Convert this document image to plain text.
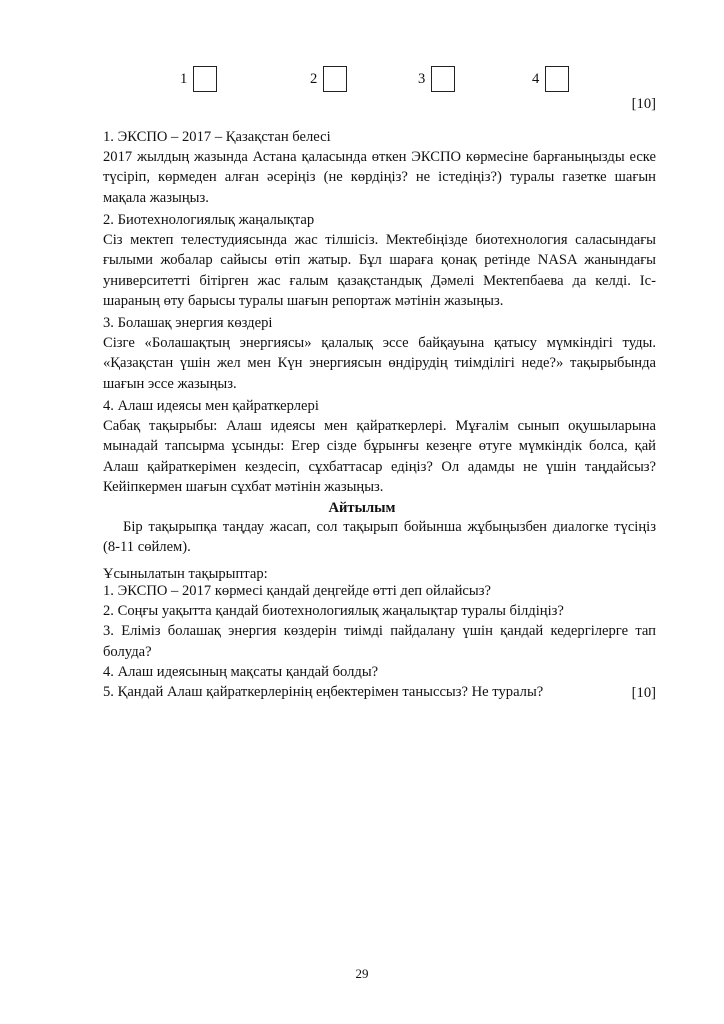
1	2	3	4
[10]
1. ЭКСПО – 2017 – Қазақстан белесі
2017 жылдың жазында Астана қаласында өткен ЭКСПО көрмесіне барғаныңызды еске түсіріп, көрмеден алған әсеріңіз (не көрдіңіз? не істедіңіз?) туралы газетке шағын мақала жазыңыз.
2. Биотехнологиялық жаңалықтар
Сіз мектеп телестудиясында жас тілшісіз. Мектебіңізде биотехнология саласындағы ғылыми жобалар сайысы өтіп жатыр. Бұл шараға қонақ ретінде NASA жанындағы университетті бітірген жас ғалым қазақстандық Дәмелі Мектепбаева да келді. Іс-шараның өту барысы туралы шағын репортаж мәтінін жазыңыз.
3. Болашақ энергия көздері
Сізге «Болашақтың энергиясы» қалалық эссе байқауына қатысу мүмкіндігі туды. «Қазақстан үшін жел мен Күн энергиясын өндірудің тиімділігі неде?» тақырыбында шағын эссе жазыңыз.
4. Алаш идеясы мен қайраткерлері
Сабақ тақырыбы: Алаш идеясы мен қайраткерлері. Мұғалім сынып оқушыларына мынадай тапсырма ұсынды: Егер сізде бұрынғы кезеңге өтуге мүмкіндік болса, қай Алаш қайраткерімен кездесіп, сұхбаттасар едіңіз? Ол адамды не үшін таңдайсыз? Кейіпкермен шағын сұхбат мәтінін жазыңыз.
Айтылым
Бір тақырыпқа таңдау жасап, сол тақырып бойынша жұбыңызбен диалогке түсіңіз (8-11 сөйлем).
Ұсынылатын тақырыптар:
1. ЭКСПО – 2017 көрмесі қандай деңгейде өтті деп ойлайсыз?
2. Соңғы уақытта қандай биотехнологиялық жаңалықтар туралы білдіңіз?
3. Еліміз болашақ энергия көздерін тиімді пайдалану үшін қандай кедергілерге тап болуда?
4. Алаш идеясының мақсаты қандай болды?
5. Қандай Алаш қайраткерлерінің еңбектерімен таныссыз? Не туралы?	[10]
29
